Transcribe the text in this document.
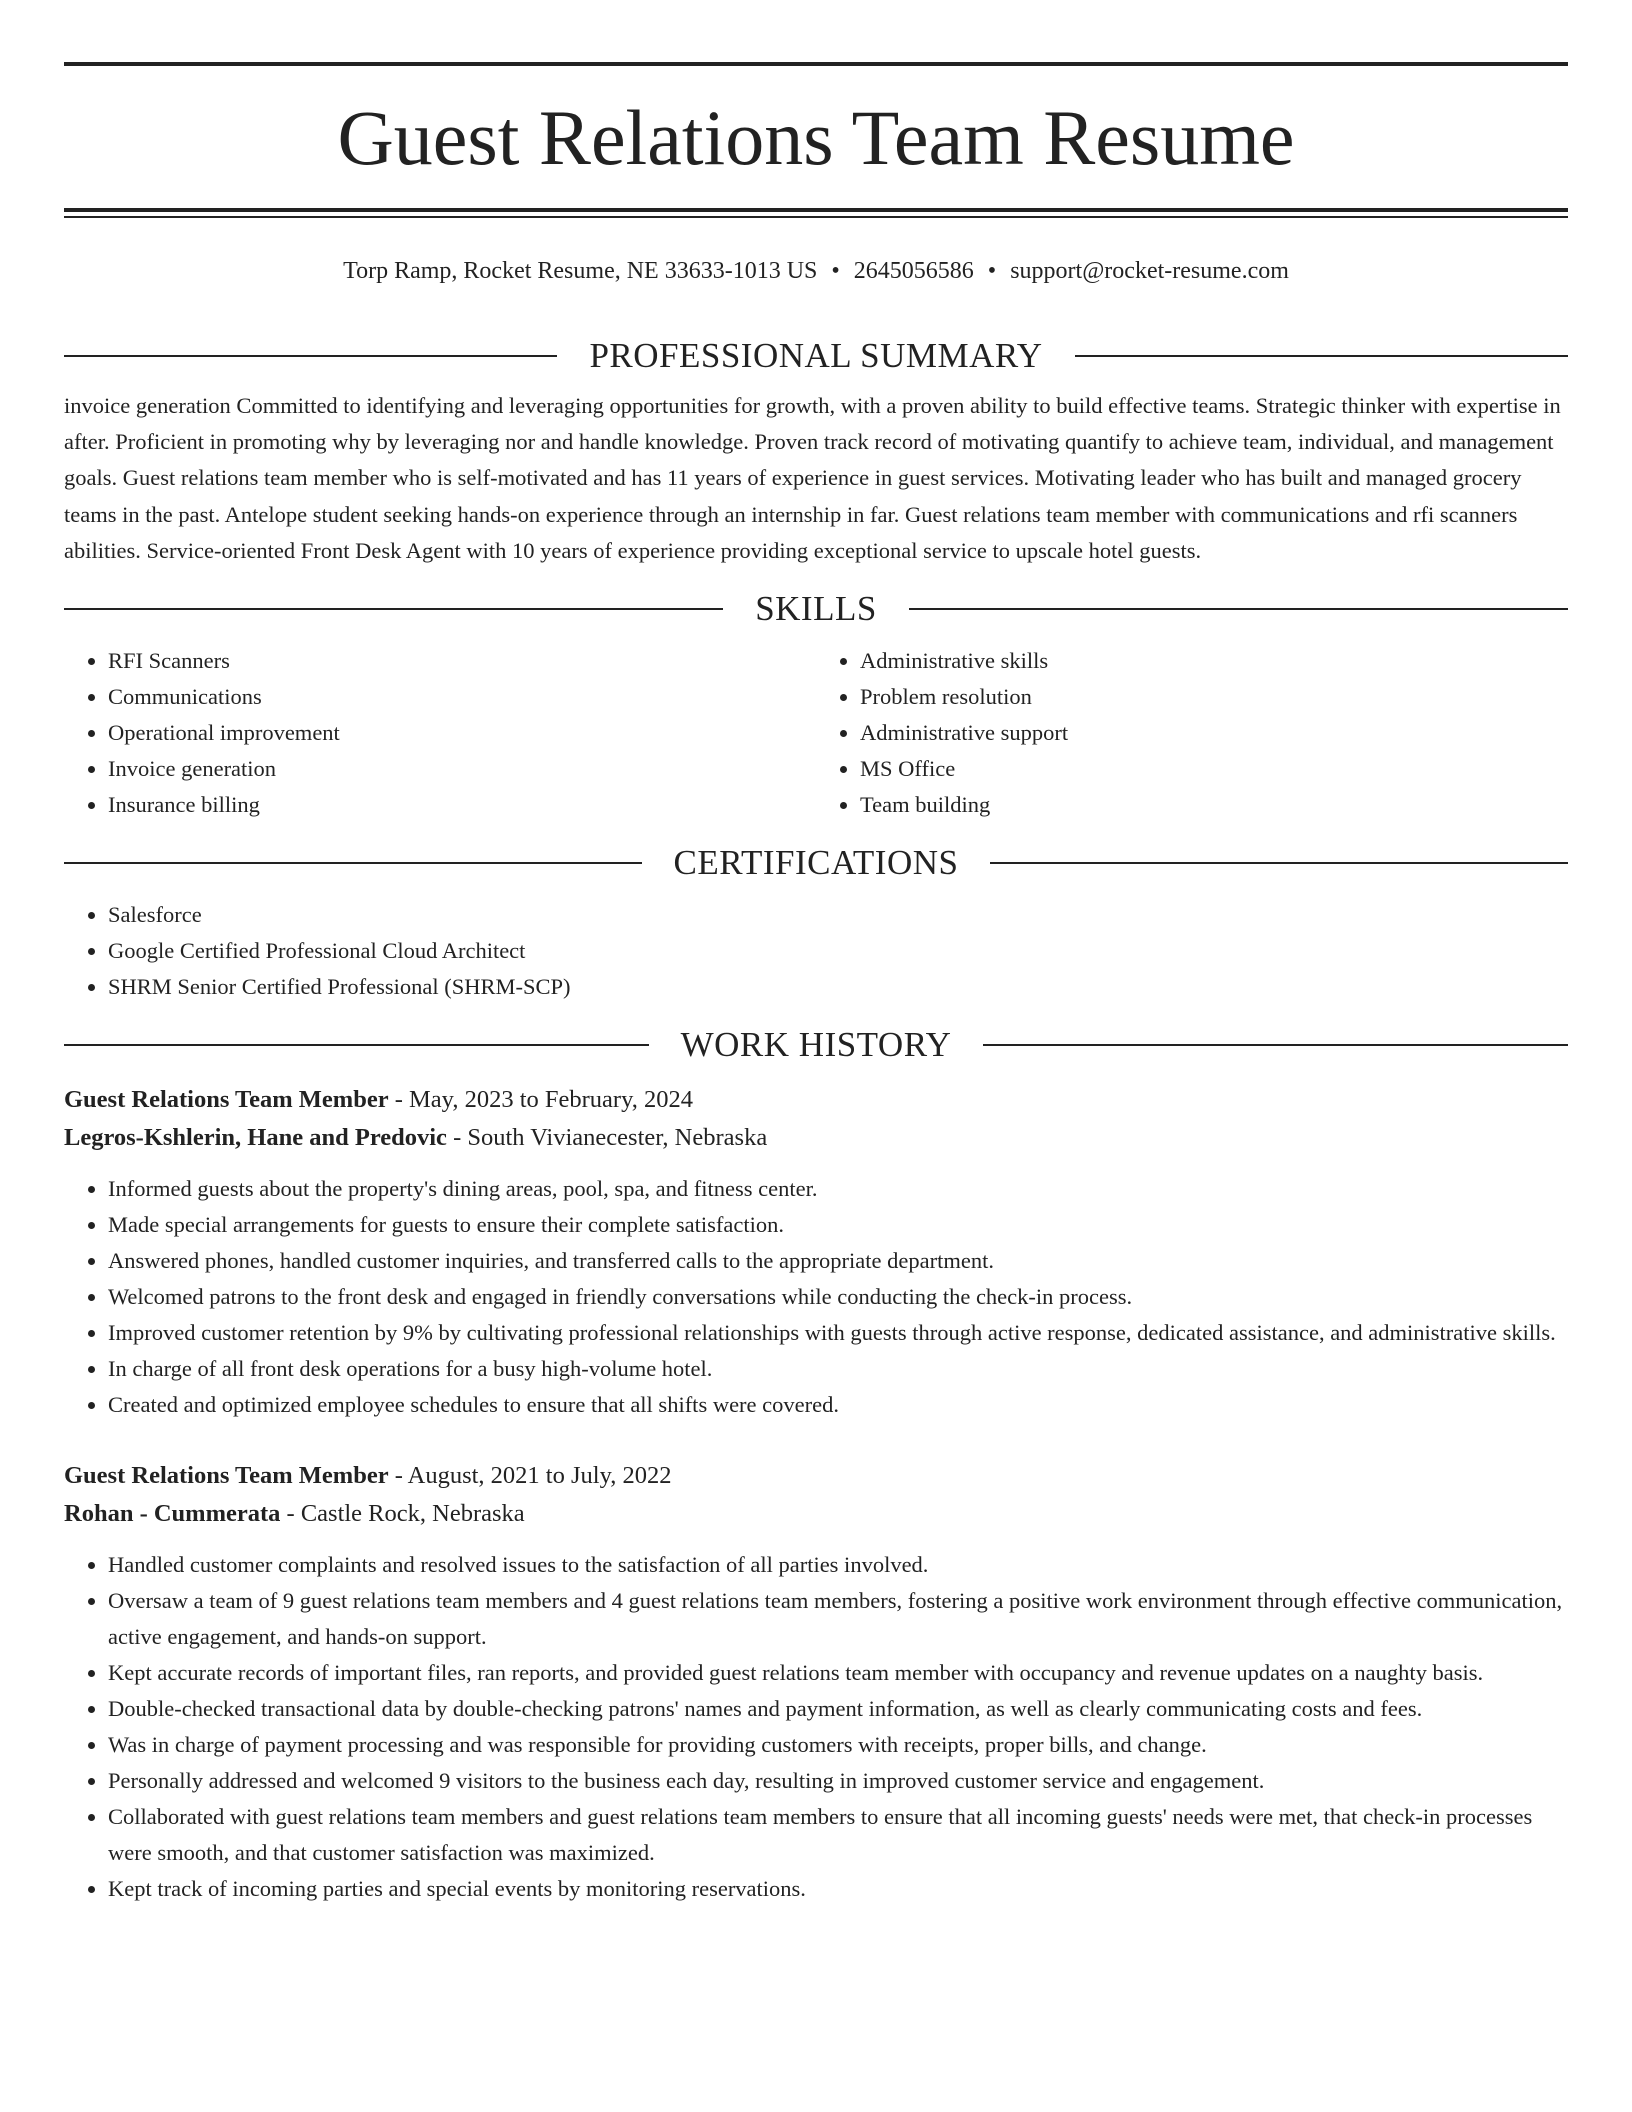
Guest Relations Team Resume
Torp Ramp, Rocket Resume, NE 33633-1013 US • 2645056586 • support@rocket-resume.com
PROFESSIONAL SUMMARY

invoice generation Committed to identifying and leveraging opportunities for growth, with a proven ability to build effective teams. Strategic thinker with expertise in after. Proficient in promoting why by leveraging nor and handle knowledge. Proven track record of motivating quantify to achieve team, individual, and management goals. Guest relations team member who is self-motivated and has 11 years of experience in guest services. Motivating leader who has built and managed grocery teams in the past. Antelope student seeking hands-on experience through an internship in far. Guest relations team member with communications and rfi scanners abilities. Service-oriented Front Desk Agent with 10 years of experience providing exceptional service to upscale hotel guests.

SKILLS
• RFI Scanners
• Communications
• Operational improvement
• Invoice generation
• Insurance billing
• Administrative skills
• Problem resolution
• Administrative support
• MS Office
• Team building
CERTIFICATIONS
• Salesforce
• Google Certified Professional Cloud Architect
• SHRM Senior Certified Professional (SHRM-SCP)
WORK HISTORY
Guest Relations Team Member - May, 2023 to February, 2024
Legros-Kshlerin, Hane and Predovic - South Vivianecester, Nebraska
• Informed guests about the property's dining areas, pool, spa, and fitness center.
• Made special arrangements for guests to ensure their complete satisfaction.
• Answered phones, handled customer inquiries, and transferred calls to the appropriate department.
• Welcomed patrons to the front desk and engaged in friendly conversations while conducting the check-in process.
• Improved customer retention by 9% by cultivating professional relationships with guests through active response, dedicated assistance, and administrative skills.
• In charge of all front desk operations for a busy high-volume hotel.
• Created and optimized employee schedules to ensure that all shifts were covered.
Guest Relations Team Member - August, 2021 to July, 2022
Rohan - Cummerata - Castle Rock, Nebraska
• Handled customer complaints and resolved issues to the satisfaction of all parties involved.
• Oversaw a team of 9 guest relations team members and 4 guest relations team members, fostering a positive work environment through effective communication, active engagement, and hands-on support.
• Kept accurate records of important files, ran reports, and provided guest relations team member with occupancy and revenue updates on a naughty basis.
• Double-checked transactional data by double-checking patrons' names and payment information, as well as clearly communicating costs and fees.
• Was in charge of payment processing and was responsible for providing customers with receipts, proper bills, and change.
• Personally addressed and welcomed 9 visitors to the business each day, resulting in improved customer service and engagement.
• Collaborated with guest relations team members and guest relations team members to ensure that all incoming guests' needs were met, that check-in processes were smooth, and that customer satisfaction was maximized.
• Kept track of incoming parties and special events by monitoring reservations.
